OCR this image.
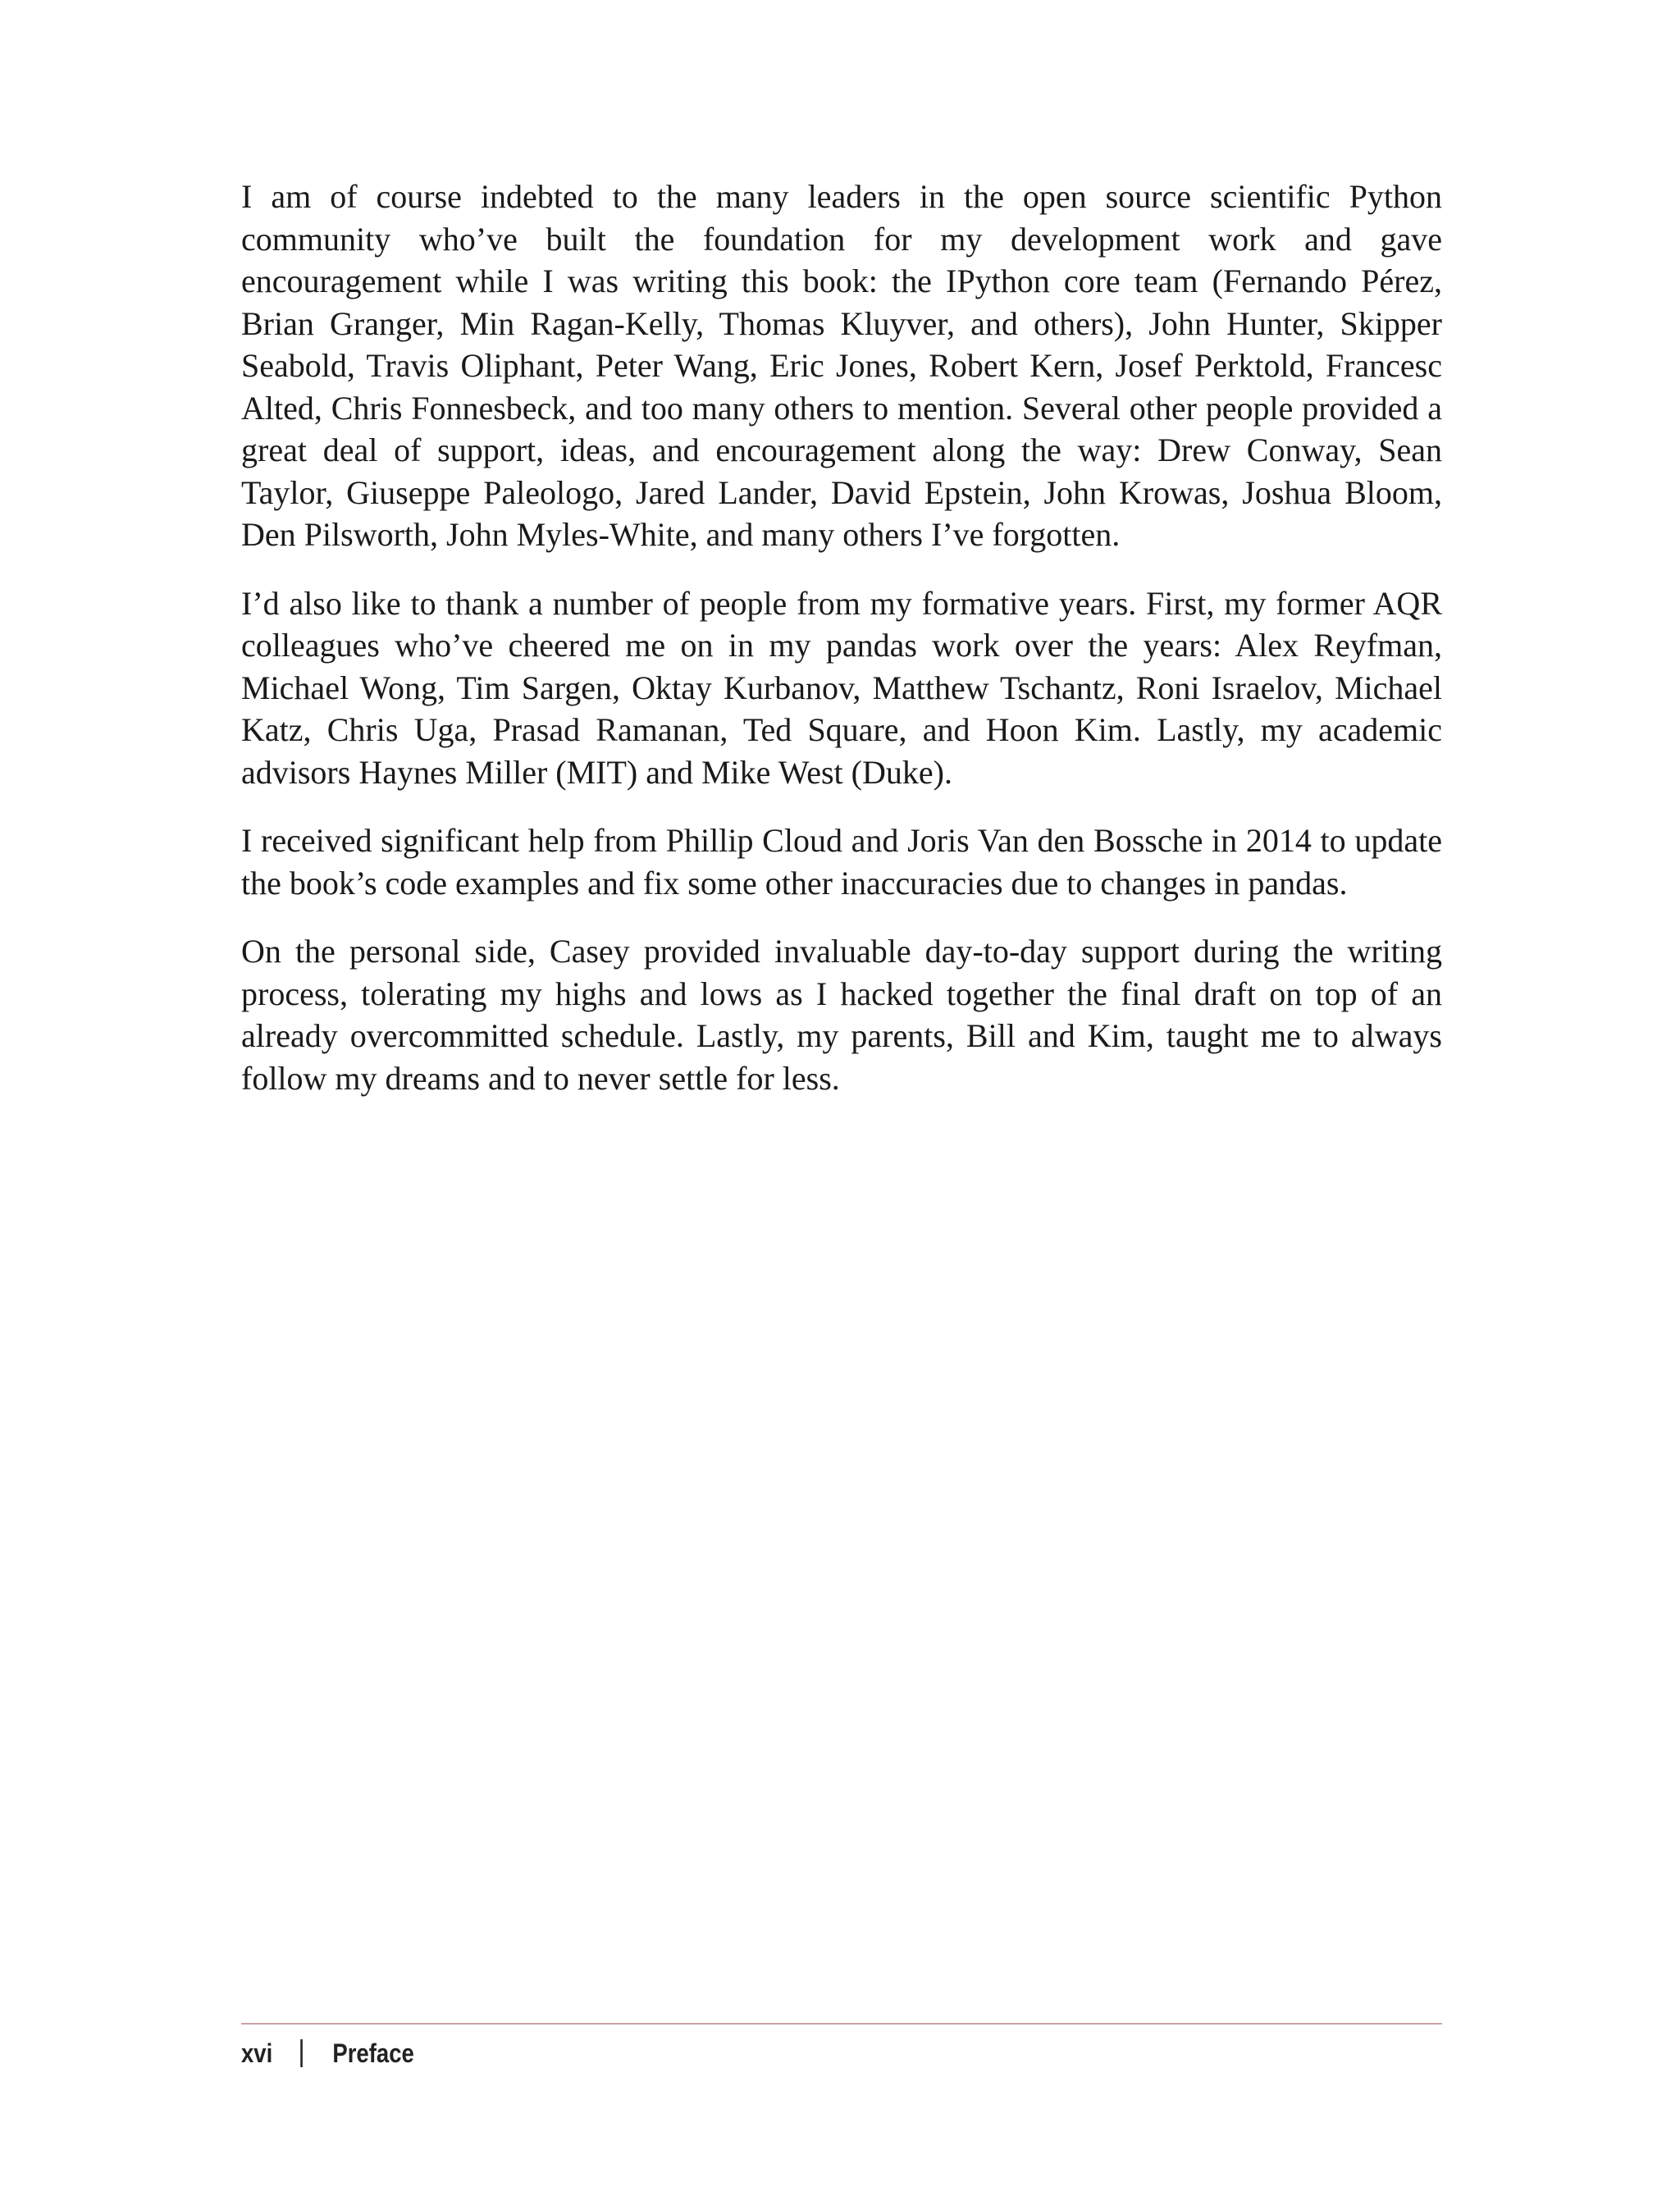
I am of course indebted to the many leaders in the open source scientific Python community who’ve built the foundation for my development work and gave encouragement while I was writing this book: the IPython core team (Fernando Pérez, Brian Granger, Min Ragan-Kelly, Thomas Kluyver, and others), John Hunter, Skipper Seabold, Travis Oliphant, Peter Wang, Eric Jones, Robert Kern, Josef Perktold, Francesc Alted, Chris Fonnesbeck, and too many others to mention. Several other people provided a great deal of support, ideas, and encouragement along the way: Drew Conway, Sean Taylor, Giuseppe Paleologo, Jared Lander, David Epstein, John Krowas, Joshua Bloom, Den Pilsworth, John Myles-White, and many others I’ve forgotten.

I’d also like to thank a number of people from my formative years. First, my former AQR colleagues who’ve cheered me on in my pandas work over the years: Alex Reyfman, Michael Wong, Tim Sargen, Oktay Kurbanov, Matthew Tschantz, Roni Israelov, Michael Katz, Chris Uga, Prasad Ramanan, Ted Square, and Hoon Kim. Lastly, my academic advisors Haynes Miller (MIT) and Mike West (Duke).

I received significant help from Phillip Cloud and Joris Van den Bossche in 2014 to update the book’s code examples and fix some other inaccuracies due to changes in pandas.

On the personal side, Casey provided invaluable day-to-day support during the writing process, tolerating my highs and lows as I hacked together the final draft on top of an already overcommitted schedule. Lastly, my parents, Bill and Kim, taught me to always follow my dreams and to never settle for less.

xvi Preface
